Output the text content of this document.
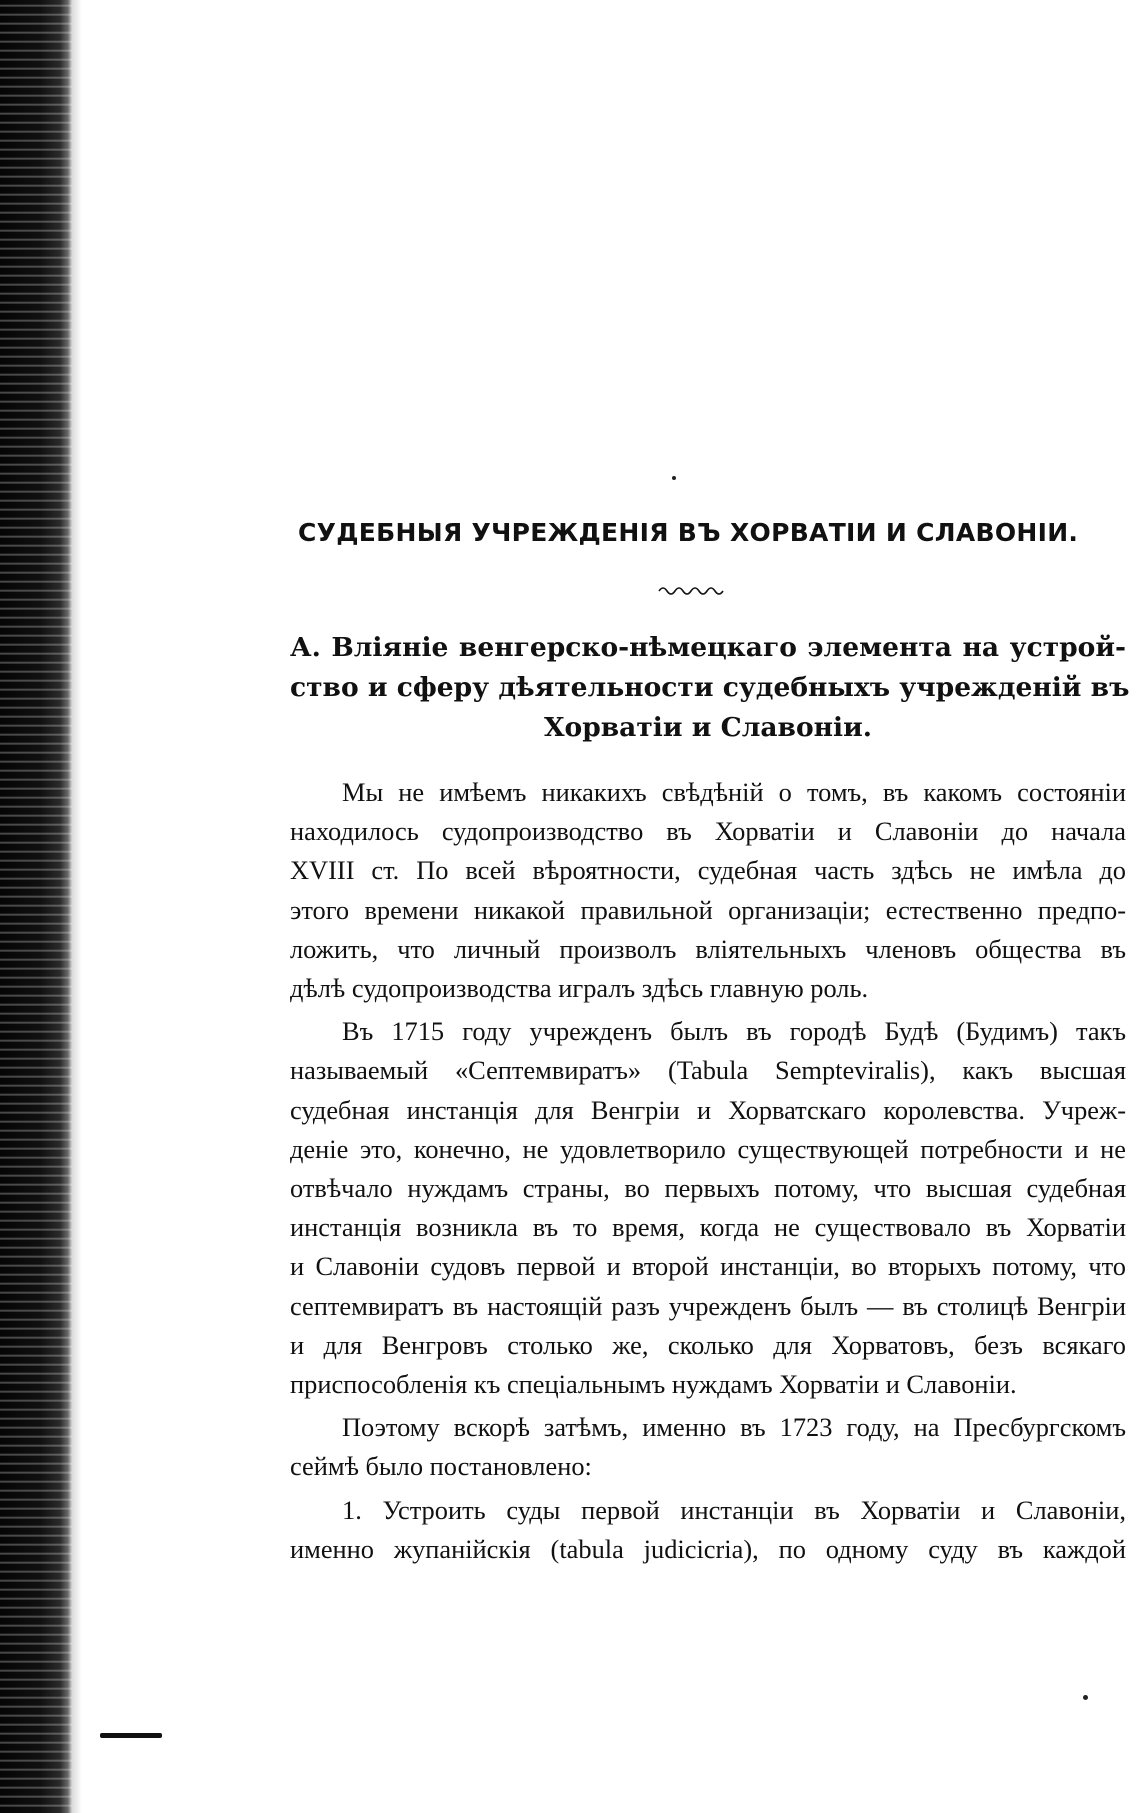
СУДЕБНЫЯ УЧРЕЖДЕНІЯ ВЪ ХОРВАТІИ И СЛАВОНІИ.
А. Вліяніе венгерско-нѣмецкаго элемента на устрой-
ство и сферу дѣятельности судебныхъ учрежденій въ
Хорватіи и Славоніи.

Мы не имѣемъ никакихъ свѣдѣній о томъ, въ какомъ состояніи
находилось судопроизводство въ Хорватіи и Славоніи до начала
XVIII ст. По всей вѣроятности, судебная часть здѣсь не имѣла до
этого времени никакой правильной организаціи; естественно предпо-
ложить, что личный произволъ вліятельныхъ членовъ общества въ
дѣлѣ судопроизводства игралъ здѣсь главную роль.

Въ 1715 году учрежденъ былъ въ городѣ Будѣ (Будимъ) такъ
называемый «Септемвиратъ» (Tabula Sempteviralis), какъ высшая
судебная инстанція для Венгріи и Хорватскаго королевства. Учреж-
деніе это, конечно, не удовлетворило существующей потребности и не
отвѣчало нуждамъ страны, во первыхъ потому, что высшая судебная
инстанція возникла въ то время, когда не существовало въ Хорватіи
и Славоніи судовъ первой и второй инстанціи, во вторыхъ потому, что
септемвиратъ въ настоящій разъ учрежденъ былъ — въ столицѣ Венгріи
и для Венгровъ столько же, сколько для Хорватовъ, безъ всякаго
приспособленія къ спеціальнымъ нуждамъ Хорватіи и Славоніи.

Поэтому вскорѣ затѣмъ, именно въ 1723 году, на Пресбургскомъ
сеймѣ было постановлено:

1. Устроить суды первой инстанціи въ Хорватіи и Славоніи,
именно жупанійскія (tabula judicicria), по одному суду въ каждой
